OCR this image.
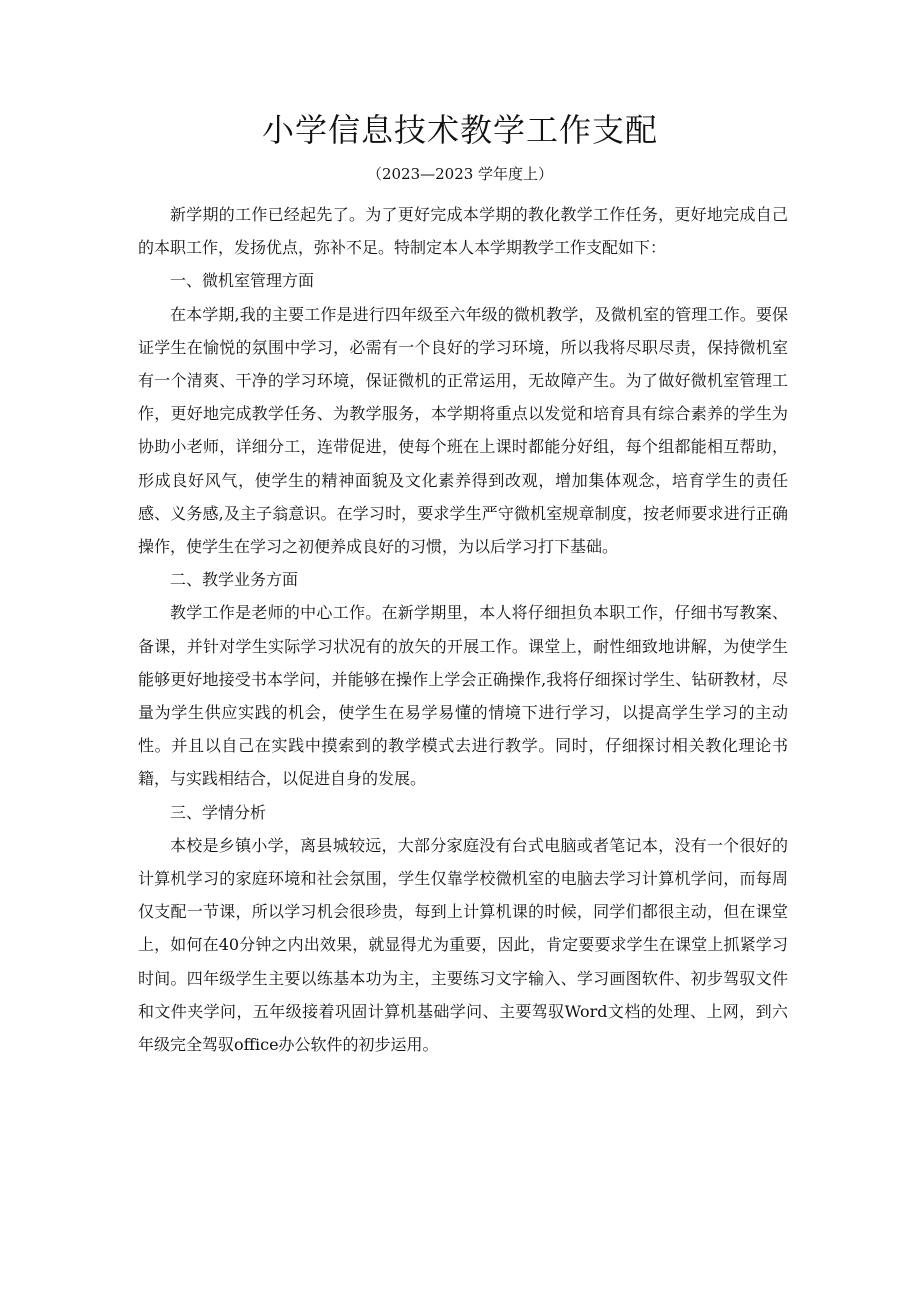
小学信息技术教学工作支配
（2023—2023 学年度上）

新学期的工作已经起先了。为了更好完成本学期的教化教学工作任务，更好地完成自己的本职工作，发扬优点，弥补不足。特制定本人本学期教学工作支配如下：

一、微机室管理方面

在本学期,我的主要工作是进行四年级至六年级的微机教学，及微机室的管理工作。要保证学生在愉悦的氛围中学习，必需有一个良好的学习环境，所以我将尽职尽责，保持微机室有一个清爽、干净的学习环境，保证微机的正常运用，无故障产生。为了做好微机室管理工作，更好地完成教学任务、为教学服务，本学期将重点以发觉和培育具有综合素养的学生为协助小老师，详细分工，连带促进，使每个班在上课时都能分好组，每个组都能相互帮助，形成良好风气，使学生的精神面貌及文化素养得到改观，增加集体观念，培育学生的责任感、义务感,及主子翁意识。在学习时，要求学生严守微机室规章制度，按老师要求进行正确操作，使学生在学习之初便养成良好的习惯，为以后学习打下基础。

二、教学业务方面

教学工作是老师的中心工作。在新学期里，本人将仔细担负本职工作，仔细书写教案、备课，并针对学生实际学习状况有的放矢的开展工作。课堂上，耐性细致地讲解，为使学生能够更好地接受书本学问，并能够在操作上学会正确操作,我将仔细探讨学生、钻研教材，尽量为学生供应实践的机会，使学生在易学易懂的情境下进行学习，以提高学生学习的主动性。并且以自己在实践中摸索到的教学模式去进行教学。同时，仔细探讨相关教化理论书籍，与实践相结合，以促进自身的发展。

三、学情分析

本校是乡镇小学，离县城较远，大部分家庭没有台式电脑或者笔记本，没有一个很好的计算机学习的家庭环境和社会氛围，学生仅靠学校微机室的电脑去学习计算机学问，而每周仅支配一节课，所以学习机会很珍贵，每到上计算机课的时候，同学们都很主动，但在课堂上，如何在40分钟之内出效果，就显得尤为重要，因此，肯定要要求学生在课堂上抓紧学习时间。四年级学生主要以练基本功为主，主要练习文字输入、学习画图软件、初步驾驭文件和文件夹学问，五年级接着巩固计算机基础学问、主要驾驭Word文档的处理、上网，到六年级完全驾驭office办公软件的初步运用。
